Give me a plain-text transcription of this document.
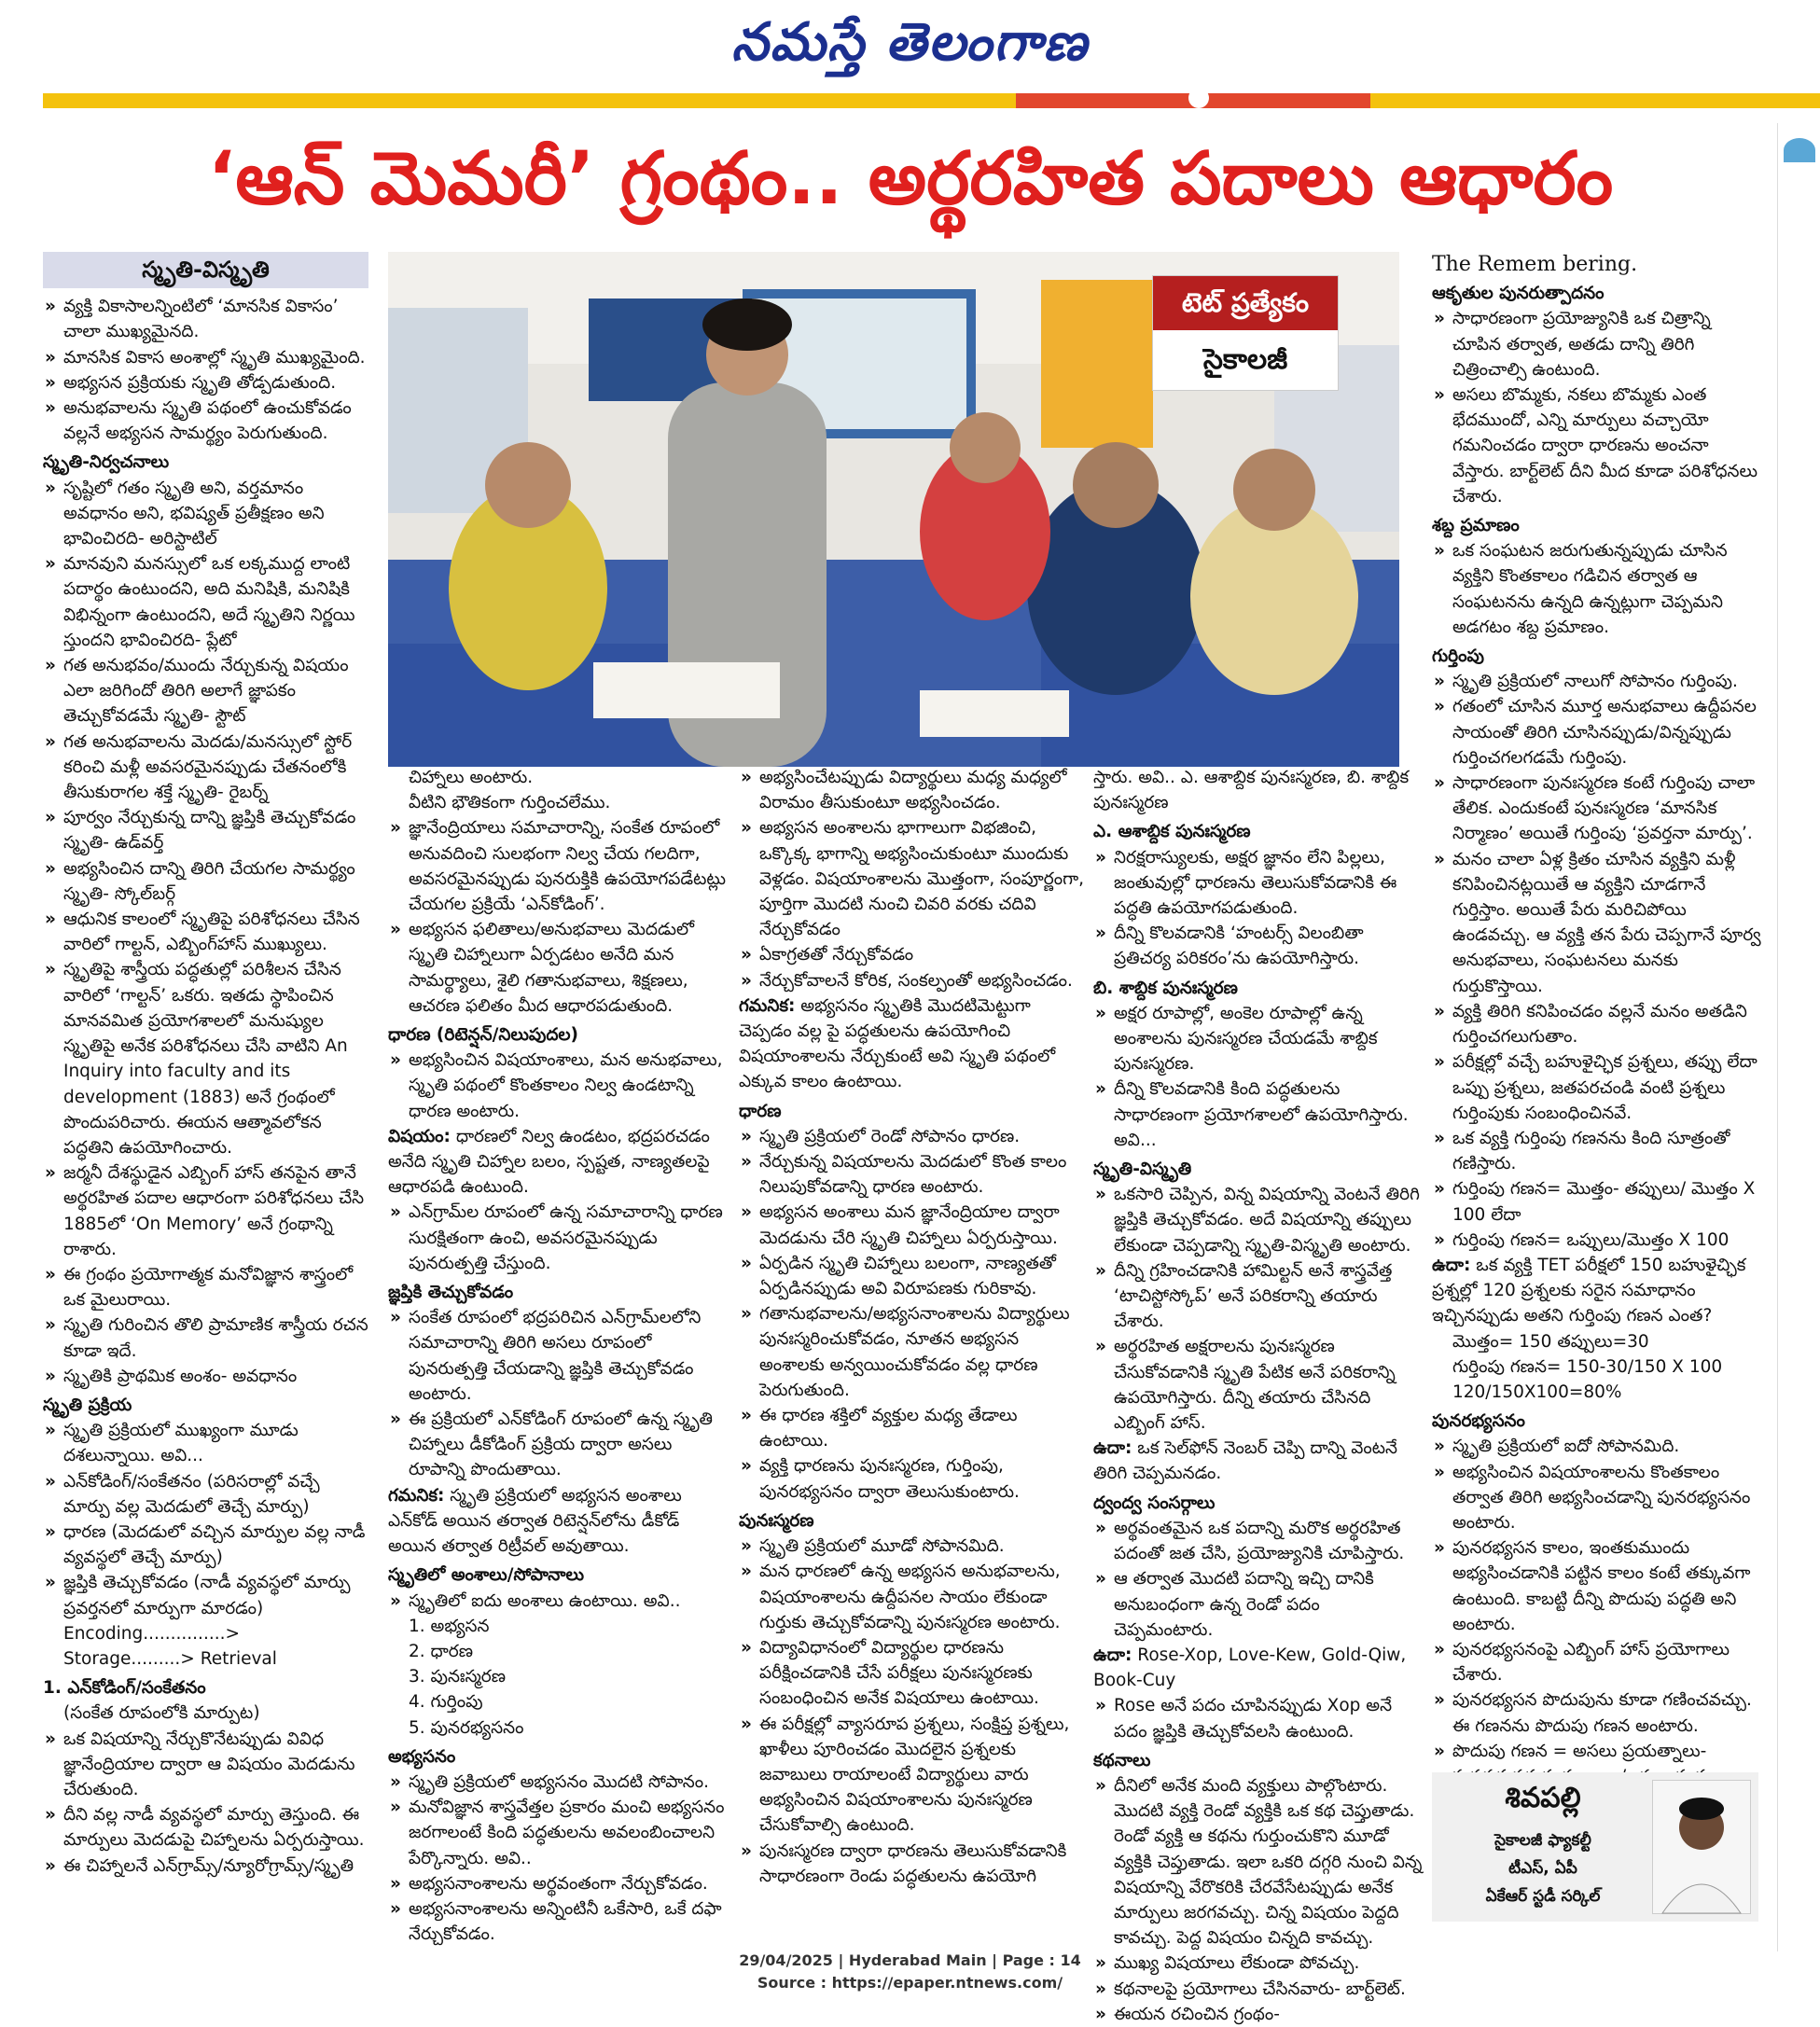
నమస్తే తెలంగాణ
‘ఆన్ మెమరీ’ గ్రంథం.. అర్థరహిత పదాలు ఆధారం
స్మృతి-విస్మృతి
» వ్యక్తి వికాసాలన్నింటిలో ‘మానసిక వికాసం’ చాలా ముఖ్యమైనది.
» మానసిక వికాస అంశాల్లో స్మృతి ముఖ్యమైంది.
» అభ్యసన ప్రక్రియకు స్మృతి తోడ్పడుతుంది.
» అనుభవాలను స్మృతి పథంలో ఉంచుకోవడం వల్లనే అభ్యసన సామర్థ్యం పెరుగుతుంది.
స్మృతి-నిర్వచనాలు
» సృష్టిలో గతం స్మృతి అని, వర్తమానం అవధానం అని, భవిష్యత్ ప్రతీక్షణం అని భావించిరది- అరిస్టాటిల్
» మానవుని మనస్సులో ఒక లక్కముద్ద లాంటి పదార్థం ఉంటుందని, అది మనిషికి, మనిషికి విభిన్నంగా ఉంటుందని, అదే స్మృతిని నిర్ణయి స్తుందని భావించిరది- ప్లేటో
» గత అనుభవం/ముందు నేర్చుకున్న విషయం ఎలా జరిగిందో తిరిగి అలాగే జ్ఞాపకం తెచ్చుకోవడమే స్మృతి- స్టౌట్
» గత అనుభవాలను మెదడు/మనస్సులో స్టోర్ కరించి మళ్లీ అవసరమైనప్పుడు చేతనంలోకి తీసుకురాగల శక్తే స్మృతి- రైబర్న్
» పూర్వం నేర్చుకున్న దాన్ని జ్ఞప్తికి తెచ్చుకోవడం స్మృతి- ఉడ్‌వర్త్
» అభ్యసించిన దాన్ని తిరిగి చేయగల సామర్థ్యం స్మృతి- స్కోల్‌బర్గ్
» ఆధునిక కాలంలో స్మృతిపై పరిశోధనలు చేసిన వారిలో గాల్టన్, ఎబ్బింగ్‌హాస్ ముఖ్యులు.
» స్మృతిపై శాస్త్రీయ పద్ధతుల్లో పరిశీలన చేసిన వారిలో ‘గాల్టన్’ ఒకరు. ఇతడు స్థాపించిన మానవమిత ప్రయోగశాలలో మనుష్యుల స్మృతిపై అనేక పరిశోధనలు చేసి వాటిని An Inquiry into faculty and its development (1883) అనే గ్రంథంలో పొందుపరిచారు. ఈయన ఆత్మావలోకన పద్ధతిని ఉపయోగించారు.
» జర్మనీ దేశస్థుడైన ఎబ్బింగ్ హాస్ తనపైన తానే అర్థరహిత పదాల ఆధారంగా పరిశోధనలు చేసి 1885లో ‘On Memory’ అనే గ్రంథాన్ని రాశారు.
» ఈ గ్రంథం ప్రయోగాత్మక మనోవిజ్ఞాన శాస్త్రంలో ఒక మైలురాయి.
» స్మృతి గురించిన తొలి ప్రామాణిక శాస్త్రీయ రచన కూడా ఇదే.
» స్మృతికి ప్రాథమిక అంశం- అవధానం
స్మృతి ప్రక్రియ
» స్మృతి ప్రక్రియలో ముఖ్యంగా మూడు దశలున్నాయి. అవి...
» ఎన్‌కోడింగ్/సంకేతనం (పరిసరాల్లో వచ్చే మార్పు వల్ల మెదడులో తెచ్చే మార్పు)
» ధారణ (మెదడులో వచ్చిన మార్పుల వల్ల నాడీ వ్యవస్థలో తెచ్చే మార్పు)
» జ్ఞప్తికి తెచ్చుకోవడం (నాడీ వ్యవస్థలో మార్పు ప్రవర్తనలో మార్పుగా మారడం)
Encoding...............> Storage.........> Retrieval
1. ఎన్‌కోడింగ్/సంకేతనం
(సంకేత రూపంలోకి మార్పుట)
» ఒక విషయాన్ని నేర్చుకొనేటప్పుడు వివిధ జ్ఞానేంద్రియాల ద్వారా ఆ విషయం మెదడును చేరుతుంది.
» దీని వల్ల నాడీ వ్యవస్థలో మార్పు తెస్తుంది. ఈ మార్పులు మెదడుపై చిహ్నాలను ఏర్పరుస్తాయి.
» ఈ చిహ్నాలనే ఎన్‌గ్రామ్స్/న్యూరోగ్రామ్స్/స్మృతి
టెట్ ప్రత్యేకం
సైకాలజీ
చిహ్నాలు అంటారు.
వీటిని భౌతికంగా గుర్తించలేము.
» జ్ఞానేంద్రియాలు సమాచారాన్ని, సంకేత రూపంలో అనువదించి సులభంగా నిల్వ చేయ గలదిగా, అవసరమైనప్పుడు పునరుక్తికి ఉపయోగపడేటట్లు చేయగల ప్రక్రియే ‘ఎన్‌కోడింగ్’.
» అభ్యసన ఫలితాలు/అనుభవాలు మెదడులో స్మృతి చిహ్నాలుగా ఏర్పడటం అనేది మన సామర్థ్యాలు, శైలి గతానుభవాలు, శిక్షణలు, ఆచరణ ఫలితం మీద ఆధారపడుతుంది.
ధారణ (రిటెన్షన్/నిలుపుదల)
» అభ్యసించిన విషయాంశాలు, మన అనుభవాలు, స్మృతి పథంలో కొంతకాలం నిల్వ ఉండటాన్ని ధారణ అంటారు.
విషయం: ధారణలో నిల్వ ఉండటం, భద్రపరచడం అనేది స్మృతి చిహ్నాల బలం, స్పష్టత, నాణ్యతలపై ఆధారపడి ఉంటుంది.
» ఎన్‌గ్రామ్‌ల రూపంలో ఉన్న సమాచారాన్ని ధారణ సురక్షితంగా ఉంచి, అవసరమైనప్పుడు పునరుత్పత్తి చేస్తుంది.
జ్ఞప్తికి తెచ్చుకోవడం
» సంకేత రూపంలో భద్రపరిచిన ఎన్‌గ్రామ్‌లలోని సమాచారాన్ని తిరిగి అసలు రూపంలో పునరుత్పత్తి చేయడాన్ని జ్ఞప్తికి తెచ్చుకోవడం అంటారు.
» ఈ ప్రక్రియలో ఎన్‌కోడింగ్ రూపంలో ఉన్న స్మృతి చిహ్నాలు డీకోడింగ్ ప్రక్రియ ద్వారా అసలు రూపాన్ని పొందుతాయి.
గమనిక: స్మృతి ప్రక్రియలో అభ్యసన అంశాలు ఎన్‌కోడ్ అయిన తర్వాత రిటెన్షన్‌లోను డీకోడ్ అయిన తర్వాత రిట్రీవల్ అవుతాయి.
స్మృతిలో అంశాలు/సోపానాలు
» స్మృతిలో ఐదు అంశాలు ఉంటాయి. అవి..
1. అభ్యసన
2. ధారణ
3. పునఃస్మరణ
4. గుర్తింపు
5. పునరభ్యసనం
అభ్యసనం
» స్మృతి ప్రక్రియలో అభ్యసనం మొదటి సోపానం.
» మనోవిజ్ఞాన శాస్త్రవేత్తల ప్రకారం మంచి అభ్యసనం జరగాలంటే కింది పద్ధతులను అవలంబించాలని పేర్కొన్నారు. అవి..
» అభ్యసనాంశాలను అర్థవంతంగా నేర్చుకోవడం.
» అభ్యసనాంశాలను అన్నింటినీ ఒకేసారి, ఒకే దఫా నేర్చుకోవడం.
» అభ్యసించేటప్పుడు విద్యార్థులు మధ్య మధ్యలో విరామం తీసుకుంటూ అభ్యసించడం.
» అభ్యసన అంశాలను భాగాలుగా విభజించి, ఒక్కొక్క భాగాన్ని అభ్యసించుకుంటూ ముందుకు వెళ్లడం. విషయాంశాలను మొత్తంగా, సంపూర్ణంగా, పూర్తిగా మొదటి నుంచి చివరి వరకు చదివి నేర్చుకోవడం
» ఏకాగ్రతతో నేర్చుకోవడం
» నేర్చుకోవాలనే కోరిక, సంకల్పంతో అభ్యసించడం.
గమనిక: అభ్యసనం స్మృతికి మొదటిమెట్టుగా చెప్పడం వల్ల పై పద్ధతులను ఉపయోగించి విషయాంశాలను నేర్చుకుంటే అవి స్మృతి పథంలో ఎక్కువ కాలం ఉంటాయి.
ధారణ
» స్మృతి ప్రక్రియలో రెండో సోపానం ధారణ.
» నేర్చుకున్న విషయాలను మెదడులో కొంత కాలం నిలుపుకోవడాన్ని ధారణ అంటారు.
» అభ్యసన అంశాలు మన జ్ఞానేంద్రియాల ద్వారా మెదడును చేరి స్మృతి చిహ్నాలు ఏర్పరుస్తాయి.
» ఏర్పడిన స్మృతి చిహ్నాలు బలంగా, నాణ్యతతో ఏర్పడినప్పుడు అవి విరూపణకు గురికావు.
» గతానుభవాలను/అభ్యసనాంశాలను విద్యార్థులు పునఃస్మరించుకోవడం, నూతన అభ్యసన అంశాలకు అన్వయించుకోవడం వల్ల ధారణ పెరుగుతుంది.
» ఈ ధారణ శక్తిలో వ్యక్తుల మధ్య తేడాలు ఉంటాయి.
» వ్యక్తి ధారణను పునఃస్మరణ, గుర్తింపు, పునరభ్యసనం ద్వారా తెలుసుకుంటారు.
పునఃస్మరణ
» స్మృతి ప్రక్రియలో మూడో సోపానమిది.
» మన ధారణలో ఉన్న అభ్యసన అనుభవాలను, విషయాంశాలను ఉద్దీపనల సాయం లేకుండా గుర్తుకు తెచ్చుకోవడాన్ని పునఃస్మరణ అంటారు.
» విద్యావిధానంలో విద్యార్థుల ధారణను పరీక్షించడానికి చేసే పరీక్షలు పునఃస్మరణకు సంబంధించిన అనేక విషయాలు ఉంటాయి.
» ఈ పరీక్షల్లో వ్యాసరూప ప్రశ్నలు, సంక్షిప్త ప్రశ్నలు, ఖాళీలు పూరించడం మొదలైన ప్రశ్నలకు జవాబులు రాయాలంటే విద్యార్థులు వారు అభ్యసించిన విషయాంశాలను పునఃస్మరణ చేసుకోవాల్సి ఉంటుంది.
» పునఃస్మరణ ద్వారా ధారణను తెలుసుకోవడానికి సాధారణంగా రెండు పద్ధతులను ఉపయోగి
స్తారు. అవి.. ఎ. ఆశాబ్దిక పునఃస్మరణ, బి. శాబ్దిక పునఃస్మరణ
ఎ. ఆశాబ్దిక పునఃస్మరణ
» నిరక్షరాస్యులకు, అక్షర జ్ఞానం లేని పిల్లలు, జంతువుల్లో ధారణను తెలుసుకోవడానికి ఈ పద్ధతి ఉపయోగపడుతుంది.
» దీన్ని కొలవడానికి ‘హంటర్స్ విలంబితా ప్రతిచర్య పరికరం’ను ఉపయోగిస్తారు.
బి. శాబ్దిక పునఃస్మరణ
» అక్షర రూపాల్లో, అంకెల రూపాల్లో ఉన్న అంశాలను పునఃస్మరణ చేయడమే శాబ్దిక పునఃస్మరణ.
» దీన్ని కొలవడానికి కింది పద్ధతులను సాధారణంగా ప్రయోగశాలలో ఉపయోగిస్తారు. అవి...
స్మృతి-విస్మృతి
» ఒకసారి చెప్పిన, విన్న విషయాన్ని వెంటనే తిరిగి జ్ఞప్తికి తెచ్చుకోవడం. అదే విషయాన్ని తప్పులు లేకుండా చెప్పడాన్ని స్మృతి-విస్మృతి అంటారు.
» దీన్ని గ్రహించడానికి హామిల్టన్ అనే శాస్త్రవేత్త ‘టాచిస్టోస్కోప్’ అనే పరికరాన్ని తయారు చేశారు.
» అర్థరహిత అక్షరాలను పునఃస్మరణ చేసుకోవడానికి స్మృతి పేటిక అనే పరికరాన్ని ఉపయోగిస్తారు. దీన్ని తయారు చేసినది ఎబ్బింగ్ హాస్.
ఉదా: ఒక సెల్‌ఫోన్ నెంబర్ చెప్పి దాన్ని వెంటనే తిరిగి చెప్పమనడం.
ద్వంద్వ సంసర్గాలు
» అర్థవంతమైన ఒక పదాన్ని మరొక అర్థరహిత పదంతో జత చేసి, ప్రయోజ్యునికి చూపిస్తారు.
» ఆ తర్వాత మొదటి పదాన్ని ఇచ్చి దానికి అనుబంధంగా ఉన్న రెండో పదం చెప్పమంటారు.
ఉదా: Rose-Xop, Love-Kew, Gold-Qiw, Book-Cuy
» Rose అనే పదం చూపినప్పుడు Xop అనే పదం జ్ఞప్తికి తెచ్చుకోవలసి ఉంటుంది.
కథనాలు
» దీనిలో అనేక మంది వ్యక్తులు పాల్గొంటారు. మొదటి వ్యక్తి రెండో వ్యక్తికి ఒక కథ చెప్తుతాడు. రెండో వ్యక్తి ఆ కథను గుర్తుంచుకొని మూడో వ్యక్తికి చెప్తుతాడు. ఇలా ఒకరి దగ్గరి నుంచి విన్న విషయాన్ని వేరొకరికి చేరవేసేటప్పుడు అనేక మార్పులు జరగవచ్చు. చిన్న విషయం పెద్దది కావచ్చు. పెద్ద విషయం చిన్నది కావచ్చు.
» ముఖ్య విషయాలు లేకుండా పోవచ్చు.
» కథనాలపై ప్రయోగాలు చేసినవారు- బార్ట్‌లెట్.
» ఈయన రచించిన గ్రంథం-
The Remem bering.
ఆకృతుల పునరుత్పాదనం
» సాధారణంగా ప్రయోజ్యునికి ఒక చిత్రాన్ని చూపిన తర్వాత, అతడు దాన్ని తిరిగి చిత్రించాల్సి ఉంటుంది.
» అసలు బొమ్మకు, నకలు బొమ్మకు ఎంత భేదముందో, ఎన్ని మార్పులు వచ్చాయో గమనించడం ద్వారా ధారణను అంచనా వేస్తారు. బార్ట్‌లెట్ దీని మీద కూడా పరిశోధనలు చేశారు.
శబ్ద ప్రమాణం
» ఒక సంఘటన జరుగుతున్నప్పుడు చూసిన వ్యక్తిని కొంతకాలం గడిచిన తర్వాత ఆ సంఘటనను ఉన్నది ఉన్నట్లుగా చెప్పమని అడగటం శబ్ద ప్రమాణం.
గుర్తింపు
» స్మృతి ప్రక్రియలో నాలుగో సోపానం గుర్తింపు.
» గతంలో చూసిన మూర్త అనుభవాలు ఉద్దీపనల సాయంతో తిరిగి చూసినప్పుడు/విన్నప్పుడు గుర్తించగలగడమే గుర్తింపు.
» సాధారణంగా పునఃస్మరణ కంటే గుర్తింపు చాలా తేలిక. ఎందుకంటే పునఃస్మరణ ‘మానసిక నిర్మాణం’ అయితే గుర్తింపు ‘ప్రవర్తనా మార్పు’.
» మనం చాలా ఏళ్ల క్రితం చూసిన వ్యక్తిని మళ్లీ కనిపించినట్లయితే ఆ వ్యక్తిని చూడగానే గుర్తిస్తాం. అయితే పేరు మరిచిపోయి ఉండవచ్చు. ఆ వ్యక్తి తన పేరు చెప్పగానే పూర్వ అనుభవాలు, సంఘటనలు మనకు గుర్తుకొస్తాయి.
» వ్యక్తి తిరిగి కనిపించడం వల్లనే మనం అతడిని గుర్తించగలుగుతాం.
» పరీక్షల్లో వచ్చే బహుళైచ్ఛిక ప్రశ్నలు, తప్పు లేదా ఒప్పు ప్రశ్నలు, జతపరచండి వంటి ప్రశ్నలు గుర్తింపుకు సంబంధించినవే.
» ఒక వ్యక్తి గుర్తింపు గణనను కింది సూత్రంతో గణిస్తారు.
» గుర్తింపు గణన= మొత్తం- తప్పులు/ మొత్తం X 100 లేదా
» గుర్తింపు గణన= ఒప్పులు/మొత్తం X 100
ఉదా: ఒక వ్యక్తి TET పరీక్షలో 150 బహుళైచ్ఛిక ప్రశ్నల్లో 120 ప్రశ్నలకు సరైన సమాధానం ఇచ్చినప్పుడు అతని గుర్తింపు గణన ఎంత?
మొత్తం= 150 తప్పులు=30
గుర్తింపు గణన= 150-30/150 X 100
120/150X100=80%
పునరభ్యసనం
» స్మృతి ప్రక్రియలో ఐదో సోపానమిది.
» అభ్యసించిన విషయాంశాలను కొంతకాలం తర్వాత తిరిగి అభ్యసించడాన్ని పునరభ్యసనం అంటారు.
» పునరభ్యసన కాలం, ఇంతకుముందు అభ్యసించడానికి పట్టిన కాలం కంటే తక్కువగా ఉంటుంది. కాబట్టి దీన్ని పొదుపు పద్ధతి అని అంటారు.
» పునరభ్యసనంపై ఎబ్బింగ్ హాస్ ప్రయోగాలు చేశారు.
» పునరభ్యసన పొదుపును కూడా గణించవచ్చు. ఈ గణనను పొదుపు గణన అంటారు.
» పొదుపు గణన = అసలు ప్రయత్నాలు-
శివపల్లి
సైకాలజీ ఫ్యాకల్టీ
టీఎస్, ఏపీ
ఏకేఆర్ స్టడీ సర్కిల్
29/04/2025 | Hyderabad Main | Page : 14
Source : https://epaper.ntnews.com/
